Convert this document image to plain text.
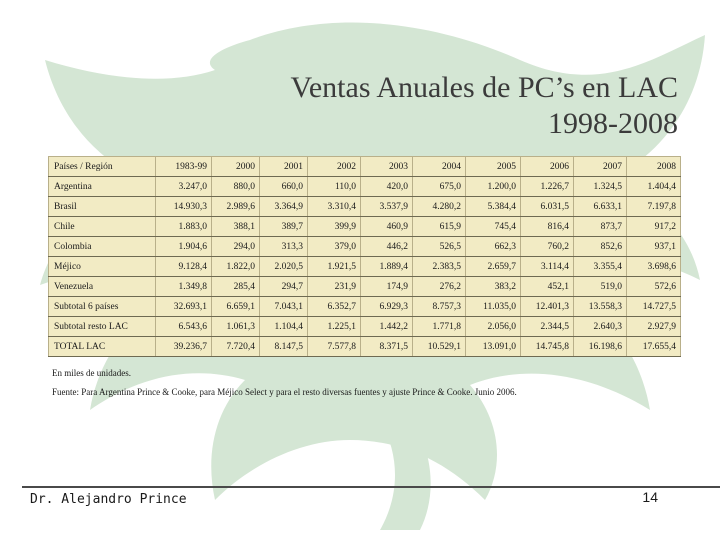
Ventas Anuales de PC’s en LAC
1998-2008
Países / Región	1983-99	2000	2001	2002	2003	2004	2005	2006	2007	2008
Argentina	3.247,0	880,0	660,0	110,0	420,0	675,0	1.200,0	1.226,7	1.324,5	1.404,4
Brasil	14.930,3	2.989,6	3.364,9	3.310,4	3.537,9	4.280,2	5.384,4	6.031,5	6.633,1	7.197,8
Chile	1.883,0	388,1	389,7	399,9	460,9	615,9	745,4	816,4	873,7	917,2
Colombia	1.904,6	294,0	313,3	379,0	446,2	526,5	662,3	760,2	852,6	937,1
Méjico	9.128,4	1.822,0	2.020,5	1.921,5	1.889,4	2.383,5	2.659,7	3.114,4	3.355,4	3.698,6
Venezuela	1.349,8	285,4	294,7	231,9	174,9	276,2	383,2	452,1	519,0	572,6
Subtotal 6 países	32.693,1	6.659,1	7.043,1	6.352,7	6.929,3	8.757,3	11.035,0	12.401,3	13.558,3	14.727,5
Subtotal resto LAC	6.543,6	1.061,3	1.104,4	1.225,1	1.442,2	1.771,8	2.056,0	2.344,5	2.640,3	2.927,9
TOTAL LAC	39.236,7	7.720,4	8.147,5	7.577,8	8.371,5	10.529,1	13.091,0	14.745,8	16.198,6	17.655,4
En miles de unidades.
Fuente: Para Argentina Prince & Cooke, para Méjico Select y para el resto diversas fuentes y ajuste Prince & Cooke. Junio 2006.
Dr. Alejandro Prince	14
